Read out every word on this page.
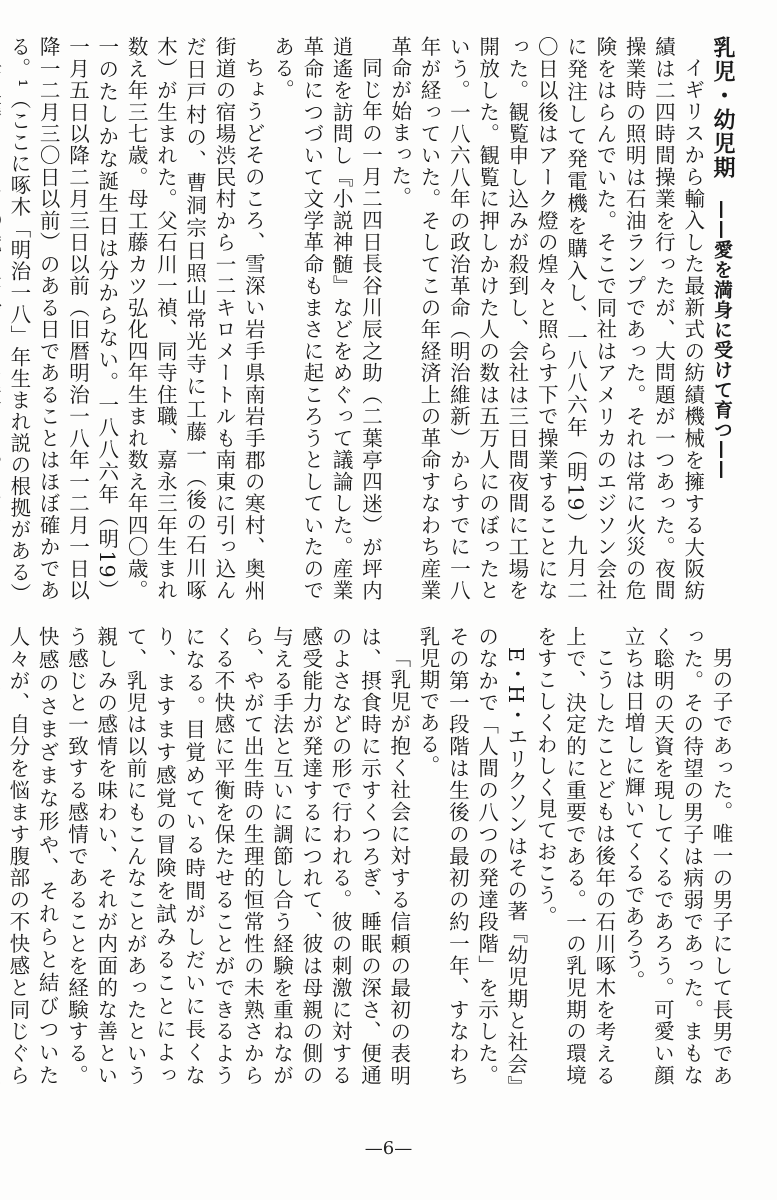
乳児・幼児期 ——愛を満身に受けて育つ——

イギリスから輸入した最新式の紡績機械を擁する大阪紡績は二四時間操業を行ったが、大問題が一つあった。夜間操業時の照明は石油ランプであった。それは常に火災の危険をはらんでいた。そこで同社はアメリカのエジソン会社に発注して発電機を購入し、一八八六年（明19）九月二〇日以後はアーク燈の煌々と照らす下で操業することになった。観覧申し込みが殺到し、会社は三日間夜間に工場を開放した。観覧に押しかけた人の数は五万人にのぼったという。一八六八年の政治革命（明治維新）からすでに一八年が経っていた。そしてこの年経済上の革命すなわち産業革命が始まった。

同じ年の一月二四日長谷川辰之助（二葉亭四迷）が坪内逍遙を訪問し『小説神髄』などをめぐって議論した。産業革命につづいて文学革命もまさに起ころうとしていたのである。

ちょうどそのころ、雪深い岩手県南岩手郡の寒村、奥州街道の宿場渋民村から一二キロメートルも南東に引っ込んだ日戸村の、曹洞宗日照山常光寺に工藤一（後の石川啄木）が生まれた。父石川一禎、同寺住職、嘉永三年生まれ数え年三七歳。母工藤カツ弘化四年生まれ数え年四〇歳。一のたしかな誕生日は分からない。一八八六年（明19）一月五日以降二月三日以前（旧暦明治一八年一二月一日以降一二月三〇日以前）のある日であることはほぼ確かである。¹（ここに啄木「明治一八」年生まれ説の根拠がある）

男の子であった。唯一の男子にして長男であった。その待望の男子は病弱であった。まもなく聡明の天資を現してくるであろう。可愛い顔立ちは日増しに輝いてくるであろう。

こうしたことどもは後年の石川啄木を考える上で、決定的に重要である。一の乳児期の環境をすこしくわしく見ておこう。

E・H・エリクソンはその著『幼児期と社会』のなかで「人間の八つの発達段階」を示した。その第一段階は生後の最初の約一年、すなわち乳児期である。

「乳児が抱く社会に対する信頼の最初の表明は、摂食時に示すくつろぎ、睡眠の深さ、便通のよさなどの形で行われる。彼の刺激に対する感受能力が発達するにつれて、彼は母親の側の与える手法と互いに調節し合う経験を重ねながら、やがて出生時の生理的恒常性の未熟さからくる不快感に平衡を保たせることができるようになる。目覚めている時間がしだいに長くなり、ますます感覚の冒険を試みることによって、乳児は以前にもこんなことがあったという親しみの感情を味わい、それが内面的な善という感じと一致する感情であることを経験する。快感のさまざまな形や、それらと結びついた人々が、自分を悩ます腹部の不快感と同じぐら

—6—
